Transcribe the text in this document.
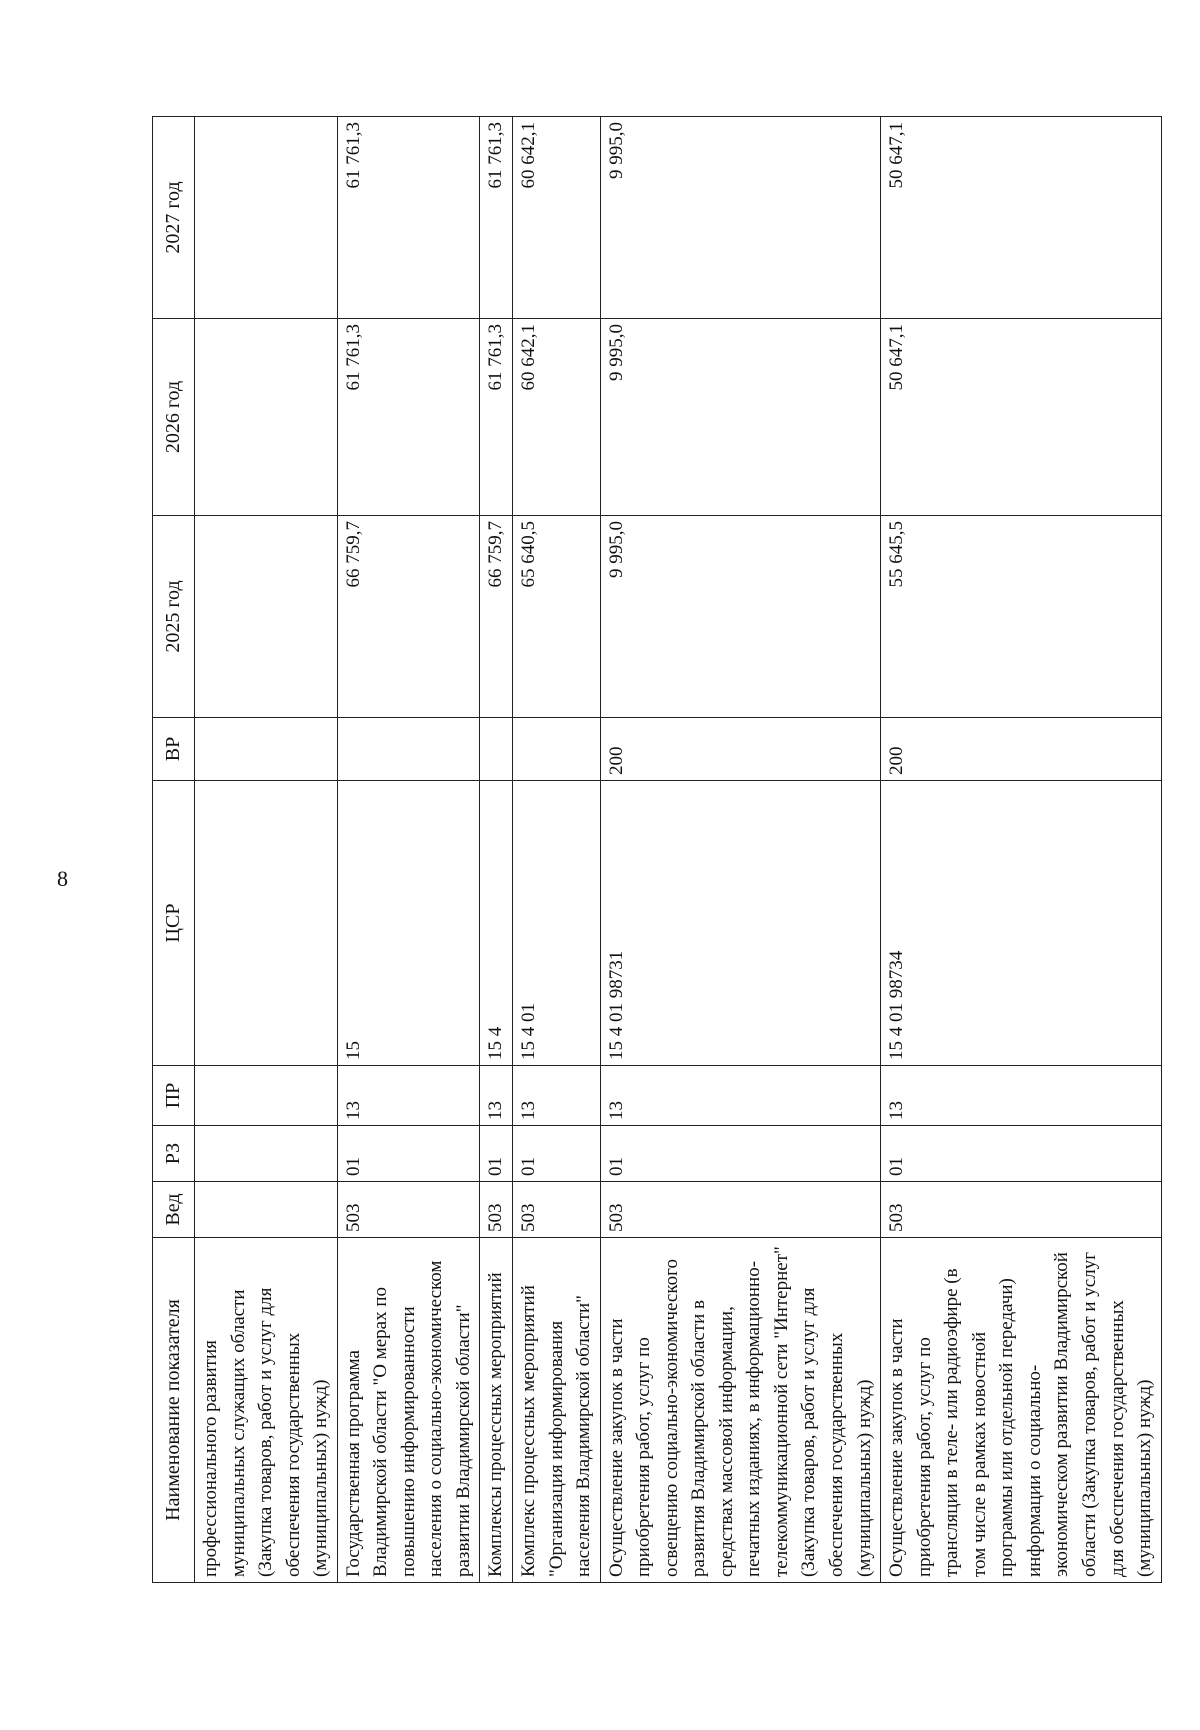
8
Наименование показателя	Вед	РЗ	ПР	ЦСР	ВР	2025 год	2026 год	2027 год
профессионального развития муниципальных служащих области (Закупка товаров, работ и услуг для обеспечения государственных (муниципальных) нужд)								
Государственная программа Владимирской области "О мерах по повышению информированности населения о социально-экономическом развитии Владимирской области"	503	01	13	15		66 759,7	61 761,3	61 761,3
Комплексы процессных мероприятий	503	01	13	15 4		66 759,7	61 761,3	61 761,3
Комплекс процессных мероприятий "Организация информирования населения Владимирской области"	503	01	13	15 4 01		65 640,5	60 642,1	60 642,1
Осуществление закупок в части приобретения работ, услуг по освещению социально-экономического развития Владимирской области в средствах массовой информации, печатных изданиях, в информационно-телекоммуникационной сети "Интернет" (Закупка товаров, работ и услуг для обеспечения государственных (муниципальных) нужд)	503	01	13	15 4 01 98731	200	9 995,0	9 995,0	9 995,0
Осуществление закупок в части приобретения работ, услуг по трансляции в теле- или радиоэфире (в том числе в рамках новостной программы или отдельной передачи) информации о социально-экономическом развитии Владимирской области (Закупка товаров, работ и услуг для обеспечения государственных (муниципальных) нужд)	503	01	13	15 4 01 98734	200	55 645,5	50 647,1	50 647,1
